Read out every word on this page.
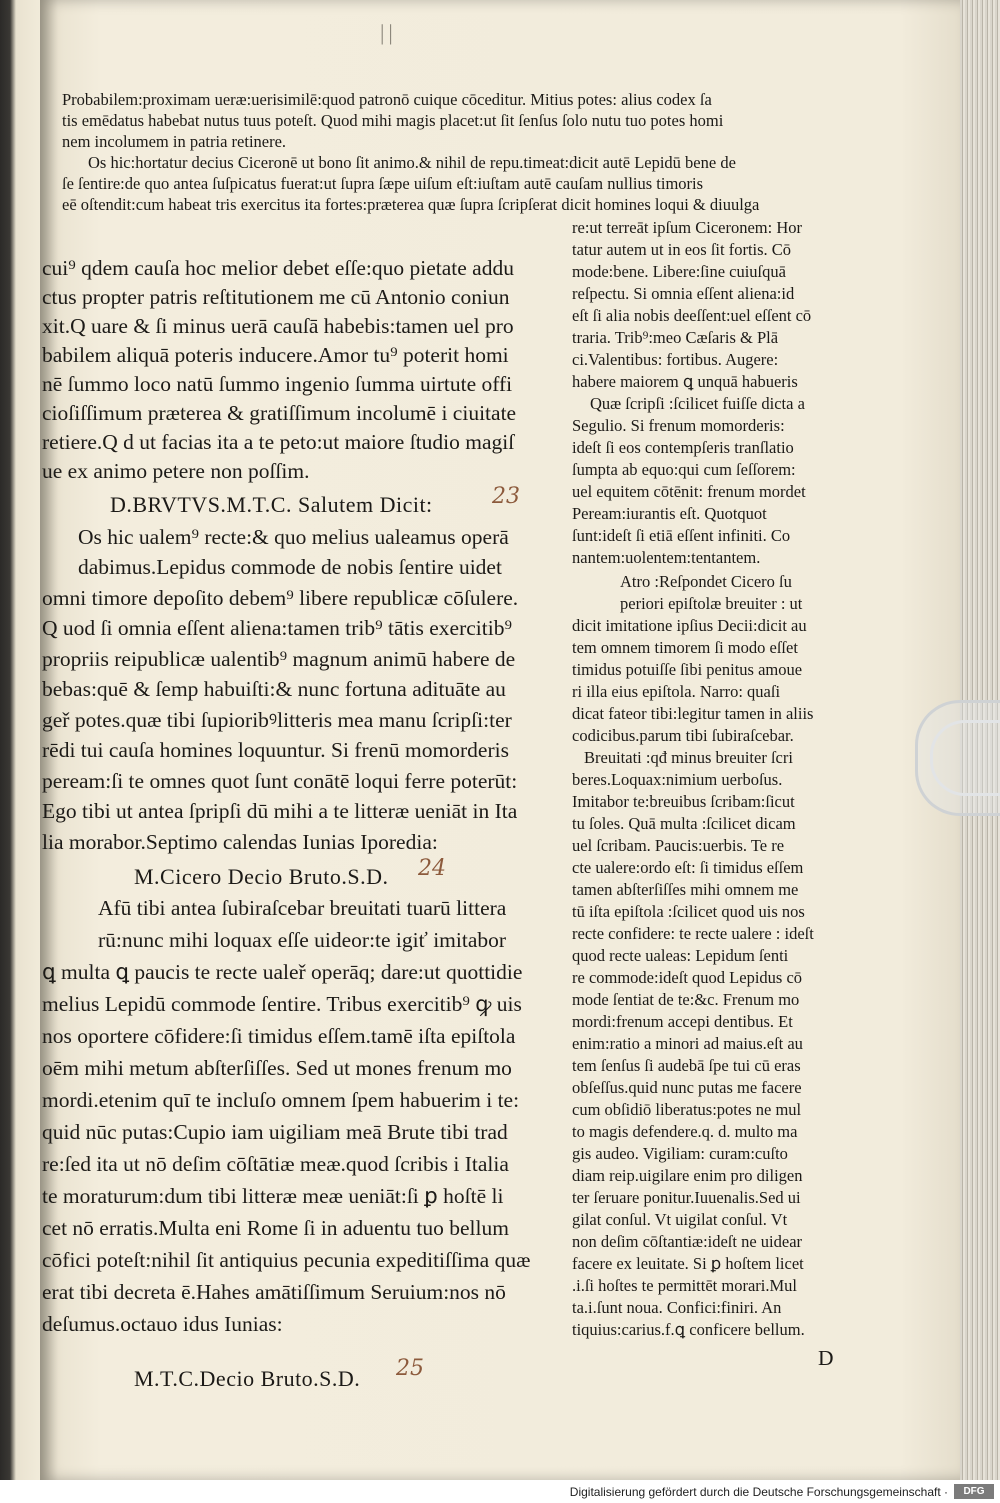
||
Probabilem:proximam ueræ:uerisimilē:quod patronō cuique cōceditur. Mitius potes: alius codex ſa
tis emēdatus habebat nutus tuus poteſt. Quod mihi magis placet:ut ſit ſenſus ſolo nutu tuo potes homi
nem incolumem in patria retinere.
Os hic:hortatur decius Ciceronē ut bono ſit animo.& nihil de repu.timeat:dicit autē Lepidū bene de
ſe ſentire:de quo antea ſuſpicatus fuerat:ut ſupra ſæpe uiſum eſt:iuſtam autē cauſam nullius timoris
eē oſtendit:cum habeat tris exercitus ita fortes:præterea quæ ſupra ſcripſerat dicit homines loqui & diuulga
cui⁹ qdem cauſa hoc melior debet eſſe:quo pietate addu
ctus propter patris reſtitutionem me cū Antonio coniun
xit.Q uare & ſi minus uerā cauſā habebis:tamen uel pro
babilem aliquā poteris inducere.Amor tu⁹ poterit homi
nē ſummo loco natū ſummo ingenio ſumma uirtute offi
cioſiſſimum præterea & gratiſſimum incolumē i ciuitate
retiere.Q d ut facias ita a te peto:ut maiore ſtudio magiſ
ue ex animo petere non poſſim.
D.BRVTVS.M.T.C. Salutem Dicit:	23
Os hic ualem⁹ recte:& quo melius ualeamus operā
dabimus.Lepidus commode de nobis ſentire uidet
omni timore depoſito debem⁹ libere republicæ cōſulere.
Q uod ſi omnia eſſent aliena:tamen trib⁹ tātis exercitib⁹
propriis reipublicæ ualentib⁹ magnum animū habere de
bebas:quē & ſemp habuiſti:& nunc fortuna adituāte au
geř potes.quæ tibi ſupioribꝰlitteris mea manu ſcripſi:ter
rēdi tui cauſa homines loquuntur. Si frenū momorderis
peream:ſi te omnes quot ſunt conātē loqui ferre poterūt:
Ego tibi ut antea ſpripſi dū mihi a te litteræ ueniāt in Ita
lia morabor.Septimo calendas Iunias Iporedia:
M.Cicero Decio Bruto.S.D. 24
Afū tibi antea ſubiraſcebar breuitati tuarū littera
rū:nunc mihi loquax eſſe uideor:te igiť imitabor
ꝗ multa ꝗ paucis te recte ualeř operāq; dare:ut quottidie
melius Lepidū commode ſentire. Tribus exercitib⁹ ꝙ uis
nos oportere cōfidere:ſi timidus eſſem.tamē iſta epiſtola
oēm mihi metum abſterſiſſes. Sed ut mones frenum mo
mordi.etenim quī te incluſo omnem ſpem habuerim i te:
quid nūc putas:Cupio iam uigiliam meā Brute tibi trad
re:ſed ita ut nō deſim cōſtātiæ meæ.quod ſcribis i Italia
te moraturum:dum tibi litteræ meæ ueniāt:ſi ꝑ hoſtē li
cet nō erratis.Multa eni Rome ſi in aduentu tuo bellum
cōfici poteſt:nihil ſit antiquius pecunia expeditiſſima quæ
erat tibi decreta ē.Hahes amātiſſimum Seruium:nos nō
deſumus.octauo idus Iunias:
M.T.C.Decio Bruto.S.D. 25
re:ut terreāt ipſum Ciceronem: Hor
tatur autem ut in eos ſit fortis. Cō
mode:bene. Libere:ſine cuiuſquā
reſpectu. Si omnia eſſent aliena:id
eſt ſi alia nobis deeſſent:uel eſſent cō
traria. Trib⁹:meo Cæſaris & Plā
ci.Valentibus: fortibus. Augere:
habere maiorem ꝗ unquā habueris
Quæ ſcripſi :ſcilicet fuiſſe dicta a
Segulio. Si frenum momorderis:
ideſt ſi eos contempſeris tranſlatio
ſumpta ab equo:qui cum ſeſſorem:
uel equitem cōtēnit: frenum mordet
Peream:iurantis eſt. Quotquot
ſunt:ideſt ſi etiā eſſent infiniti. Co
nantem:uolentem:tentantem.
Atro :Reſpondet Cicero ſu
periori epiſtolæ breuiter : ut
dicit imitatione ipſius Decii:dicit au
tem omnem timorem ſi modo eſſet
timidus potuiſſe ſibi penitus amoue
ri illa eius epiſtola. Narro: quaſi
dicat fateor tibi:legitur tamen in aliis
codicibus.parum tibi ſubiraſcebar.
Breuitati :qđ minus breuiter ſcri
beres.Loquax:nimium uerboſus.
Imitabor te:breuibus ſcribam:ſicut
tu ſoles. Quā multa :ſcilicet dicam
uel ſcribam. Paucis:uerbis. Te re
cte ualere:ordo eſt: ſi timidus eſſem
tamen abſterſiſſes mihi omnem me
tū iſta epiſtola :ſcilicet quod uis nos
recte confidere: te recte ualere : ideſt
quod recte ualeas: Lepidum ſenti
re commode:ideſt quod Lepidus cō
mode ſentiat de te:&c. Frenum mo
mordi:frenum accepi dentibus. Et
enim:ratio a minori ad maius.eſt au
tem ſenſus ſi audebā ſpe tui cū eras
obſeſſus.quid nunc putas me facere
cum obſidiō liberatus:potes ne mul
to magis defendere.q. d. multo ma
gis audeo. Vigiliam: curam:cuſto
diam reip.uigilare enim pro diligen
ter ſeruare ponitur.Iuuenalis.Sed ui
gilat conſul. Vt uigilat conſul. Vt
non deſim cōſtantiæ:ideſt ne uidear
facere ex leuitate. Si ꝑ hoſtem licet
.i.ſi hoſtes te permittēt morari.Mul
ta.i.ſunt noua. Confici:finiri. An
tiquius:carius.f.ꝗ conficere bellum.
D
Digitalisierung gefördert durch die Deutsche Forschungsgemeinschaft ·	DFG
